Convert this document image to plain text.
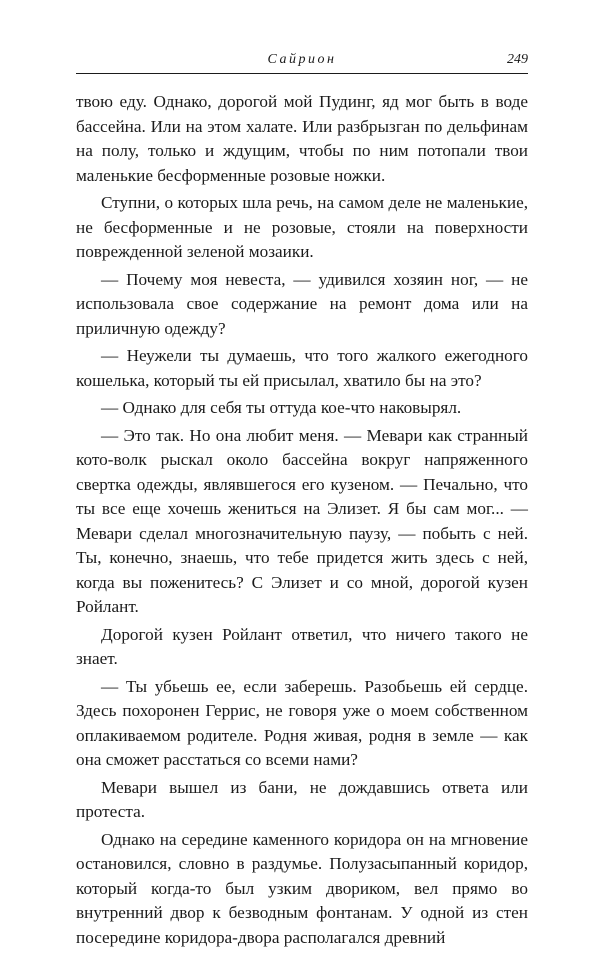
Сайрион	249

твою еду. Однако, дорогой мой Пудинг, яд мог быть в воде бассейна. Или на этом халате. Или разбрызган по дельфинам на полу, только и ждущим, чтобы по ним потопали твои маленькие бесформенные розовые ножки.

Ступни, о которых шла речь, на самом деле не маленькие, не бесформенные и не розовые, стояли на поверхности поврежденной зеленой мозаики.

— Почему моя невеста, — удивился хозяин ног, — не использовала свое содержание на ремонт дома или на приличную одежду?

— Неужели ты думаешь, что того жалкого ежегодного кошелька, который ты ей присылал, хватило бы на это?

— Однако для себя ты оттуда кое-что наковырял.

— Это так. Но она любит меня. — Мевари как странный кото-волк рыскал около бассейна вокруг напряженного свертка одежды, являвшегося его кузеном. — Печально, что ты все еще хочешь жениться на Элизет. Я бы сам мог... — Мевари сделал многозначительную паузу, — побыть с ней. Ты, конечно, знаешь, что тебе придется жить здесь с ней, когда вы поженитесь? С Элизет и со мной, дорогой кузен Ройлант.

Дорогой кузен Ройлант ответил, что ничего такого не знает.

— Ты убьешь ее, если заберешь. Разобьешь ей сердце. Здесь похоронен Геррис, не говоря уже о моем собственном оплакиваемом родителе. Родня живая, родня в земле — как она сможет расстаться со всеми нами?

Мевари вышел из бани, не дождавшись ответа или протеста.

Однако на середине каменного коридора он на мгновение остановился, словно в раздумье. Полузасыпанный коридор, который когда-то был узким двориком, вел прямо во внутренний двор к безводным фонтанам. У одной из стен посередине коридора-двора располагался древний
